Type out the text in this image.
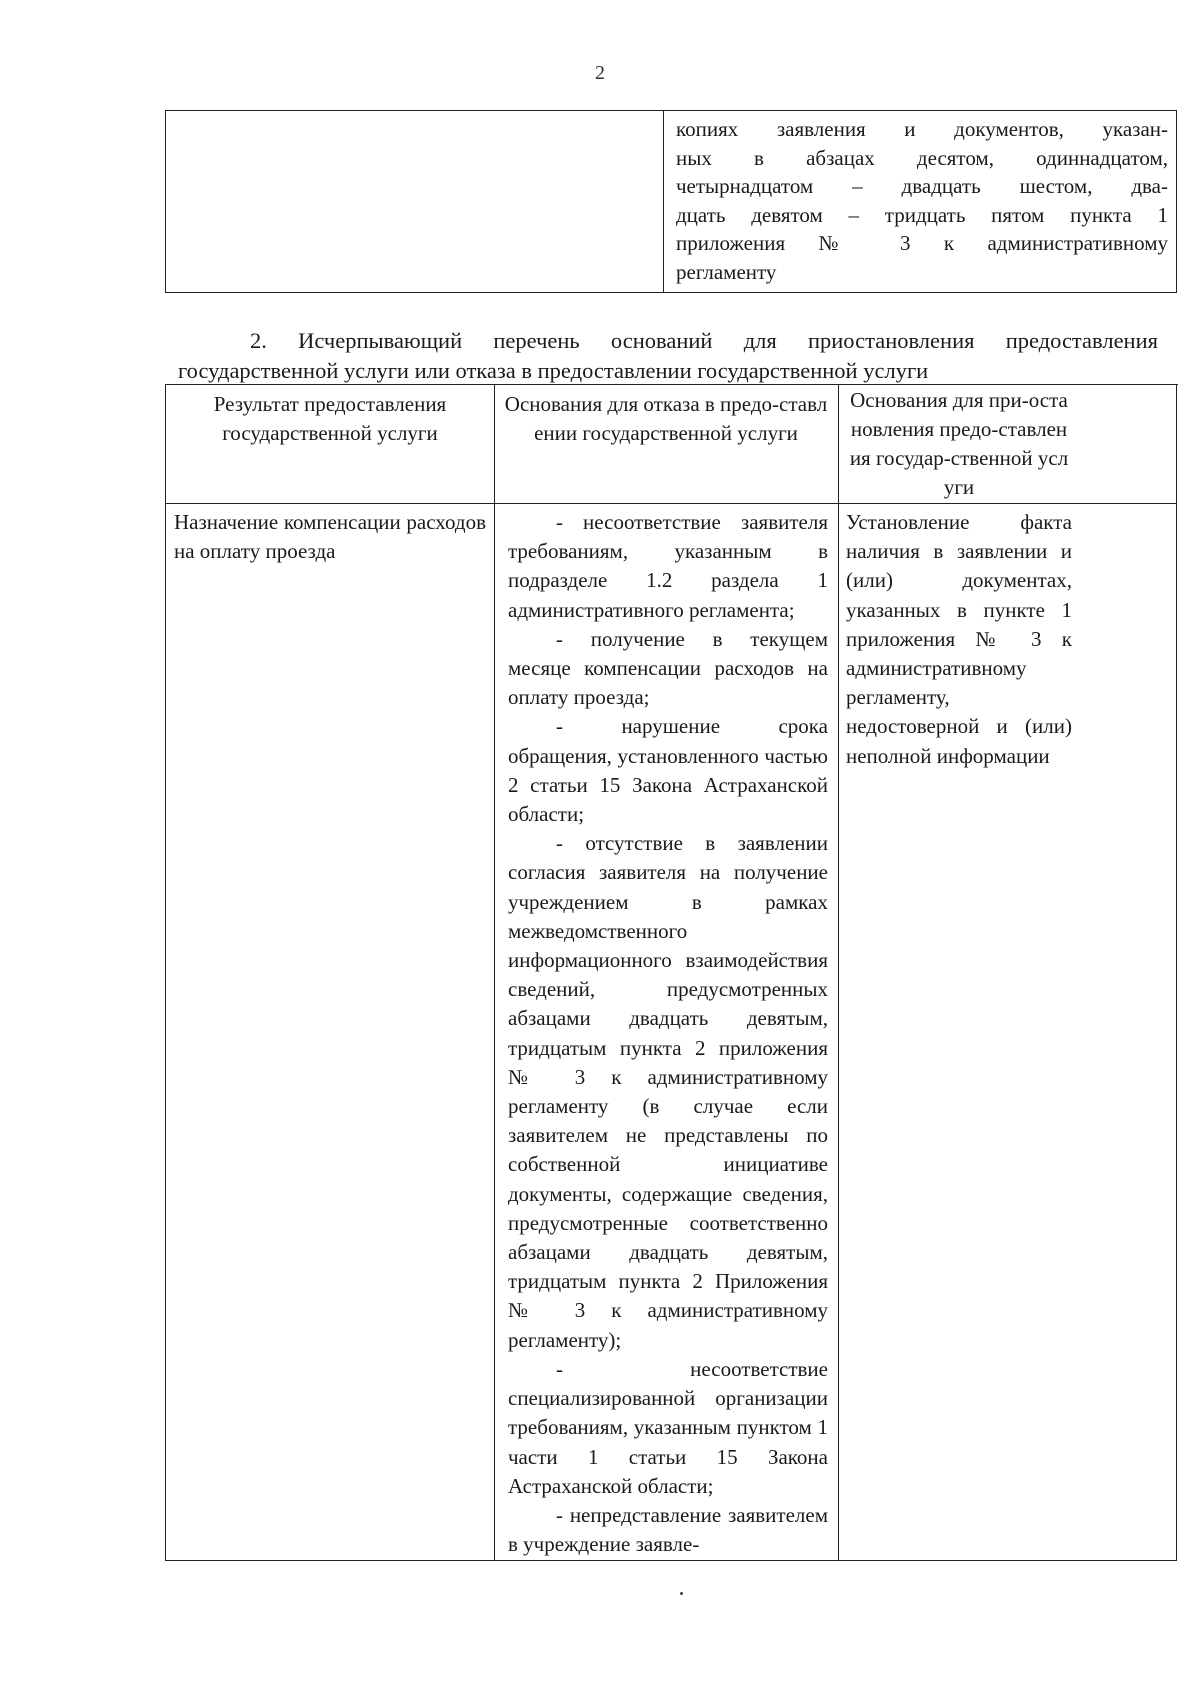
2
копиях заявления и документов, указан-
ных в абзацах десятом, одиннадцатом,
четырнадцатом – двадцать шестом, два-
дцать девятом – тридцать пятом пункта 1
приложения № 3 к административному
регламенту
2. Исчерпывающий перечень оснований для приостановления предоставления государственной услуги или отказа в предоставлении государственной услуги
Результат предоставления государственной услуги
Основания для отказа в предо-ставлении государственной услуги
Основания для при-остановления предо-ставления государ-ственной услуги
Назначение компенсации расходов на оплату проезда

- несоответствие заявителя требованиям, указанным в подразделе 1.2 раздела 1 административного регламента;

- получение в текущем месяце компенсации расходов на оплату проезда;

- нарушение срока обращения, установленного частью 2 статьи 15 Закона Астраханской области;

- отсутствие в заявлении согласия заявителя на получение учреждением в рамках межведомственного информационного взаимодействия сведений, предусмотренных абзацами двадцать девятым, тридцатым пункта 2 приложения № 3 к административному регламенту (в случае если заявителем не представлены по собственной инициативе документы, содержащие сведения, предусмотренные соответственно абзацами двадцать девятым, тридцатым пункта 2 Приложения № 3 к административному регламенту);

- несоответствие специализированной организации требованиям, указанным пунктом 1 части 1 статьи 15 Закона Астраханской области;

- непредставление заявителем в учреждение заявле-

Установление факта наличия в заявлении и (или) документах, указанных в пункте 1 приложения № 3 к административному регламенту, недостоверной и (или) неполной информации
